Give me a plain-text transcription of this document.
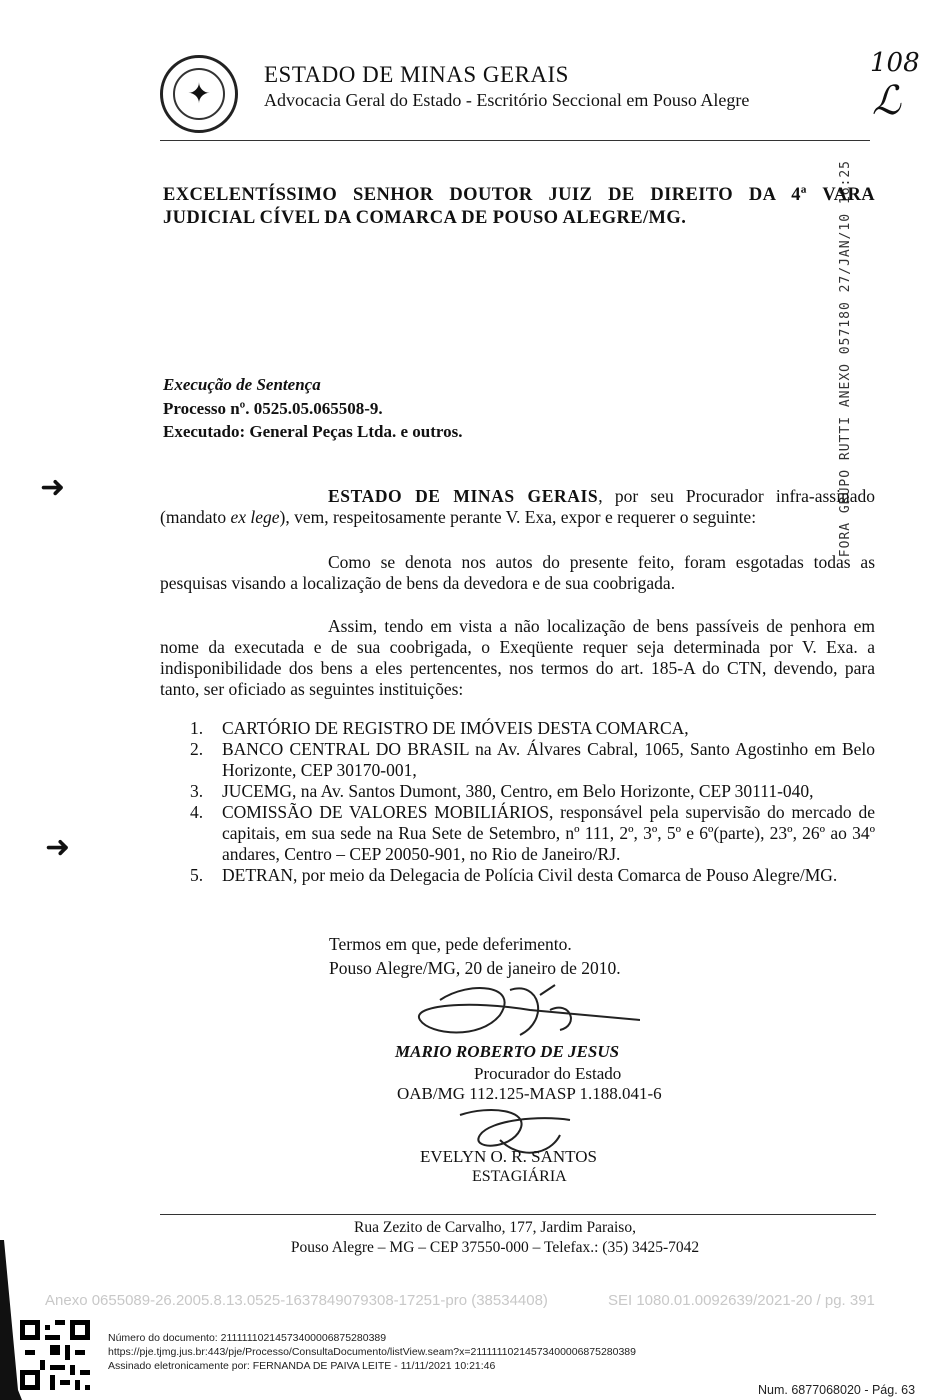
✦
ESTADO DE MINAS GERAIS
Advocacia Geral do Estado - Escritório Seccional em Pouso Alegre
108
ℒ
FORA GRUPO RUTTI ANEXO 057180 27/JAN/10 16:25
EXCELENTÍSSIMO SENHOR DOUTOR JUIZ DE DIREITO DA 4ª VARA JUDICIAL CÍVEL DA COMARCA DE POUSO ALEGRE/MG.
Execução de Sentença
Processo nº. 0525.05.065508-9.
Executado: General Peças Ltda. e outros.
➜
➜
ESTADO DE MINAS GERAIS, por seu Procurador infra-assinado (mandato ex lege), vem, respeitosamente perante V. Exa, expor e requerer o seguinte:
Como se denota nos autos do presente feito, foram esgotadas todas as pesquisas visando a localização de bens da devedora e de sua coobrigada.
Assim, tendo em vista a não localização de bens passíveis de penhora em nome da executada e de sua coobrigada, o Exeqüente requer seja determinada por V. Exa. a indisponibilidade dos bens a eles pertencentes, nos termos do art. 185-A do CTN, devendo, para tanto, ser oficiado as seguintes instituições:
1.	CARTÓRIO DE REGISTRO DE IMÓVEIS DESTA COMARCA,
2.	BANCO CENTRAL DO BRASIL na Av. Álvares Cabral, 1065, Santo Agostinho em Belo Horizonte, CEP 30170-001,
3.	JUCEMG, na Av. Santos Dumont, 380, Centro, em Belo Horizonte, CEP 30111-040,
4.	COMISSÃO DE VALORES MOBILIÁRIOS, responsável pela supervisão do mercado de capitais, em sua sede na Rua Sete de Setembro, nº 111, 2º, 3º, 5º e 6º(parte), 23º, 26º ao 34º andares, Centro – CEP 20050-901, no Rio de Janeiro/RJ.
5.	DETRAN, por meio da Delegacia de Polícia Civil desta Comarca de Pouso Alegre/MG.
Termos em que, pede deferimento.
Pouso Alegre/MG, 20 de janeiro de 2010.
MARIO ROBERTO DE JESUS
Procurador do Estado
OAB/MG 112.125-MASP 1.188.041-6
EVELYN O. R. SANTOS
ESTAGIÁRIA
Rua Zezito de Carvalho, 177, Jardim Paraiso,
Pouso Alegre – MG – CEP 37550-000 – Telefax.: (35) 3425-7042
Anexo 0655089-26.2005.8.13.0525-1637849079308-17251-pro (38534408)	SEI 1080.01.0092639/2021-20 / pg. 391
Número do documento: 21111110214573400006875280389
https://pje.tjmg.jus.br:443/pje/Processo/ConsultaDocumento/listView.seam?x=21111110214573400006875280389
Assinado eletronicamente por: FERNANDA DE PAIVA LEITE - 11/11/2021 10:21:46
Num. 6877068020 - Pág. 63
